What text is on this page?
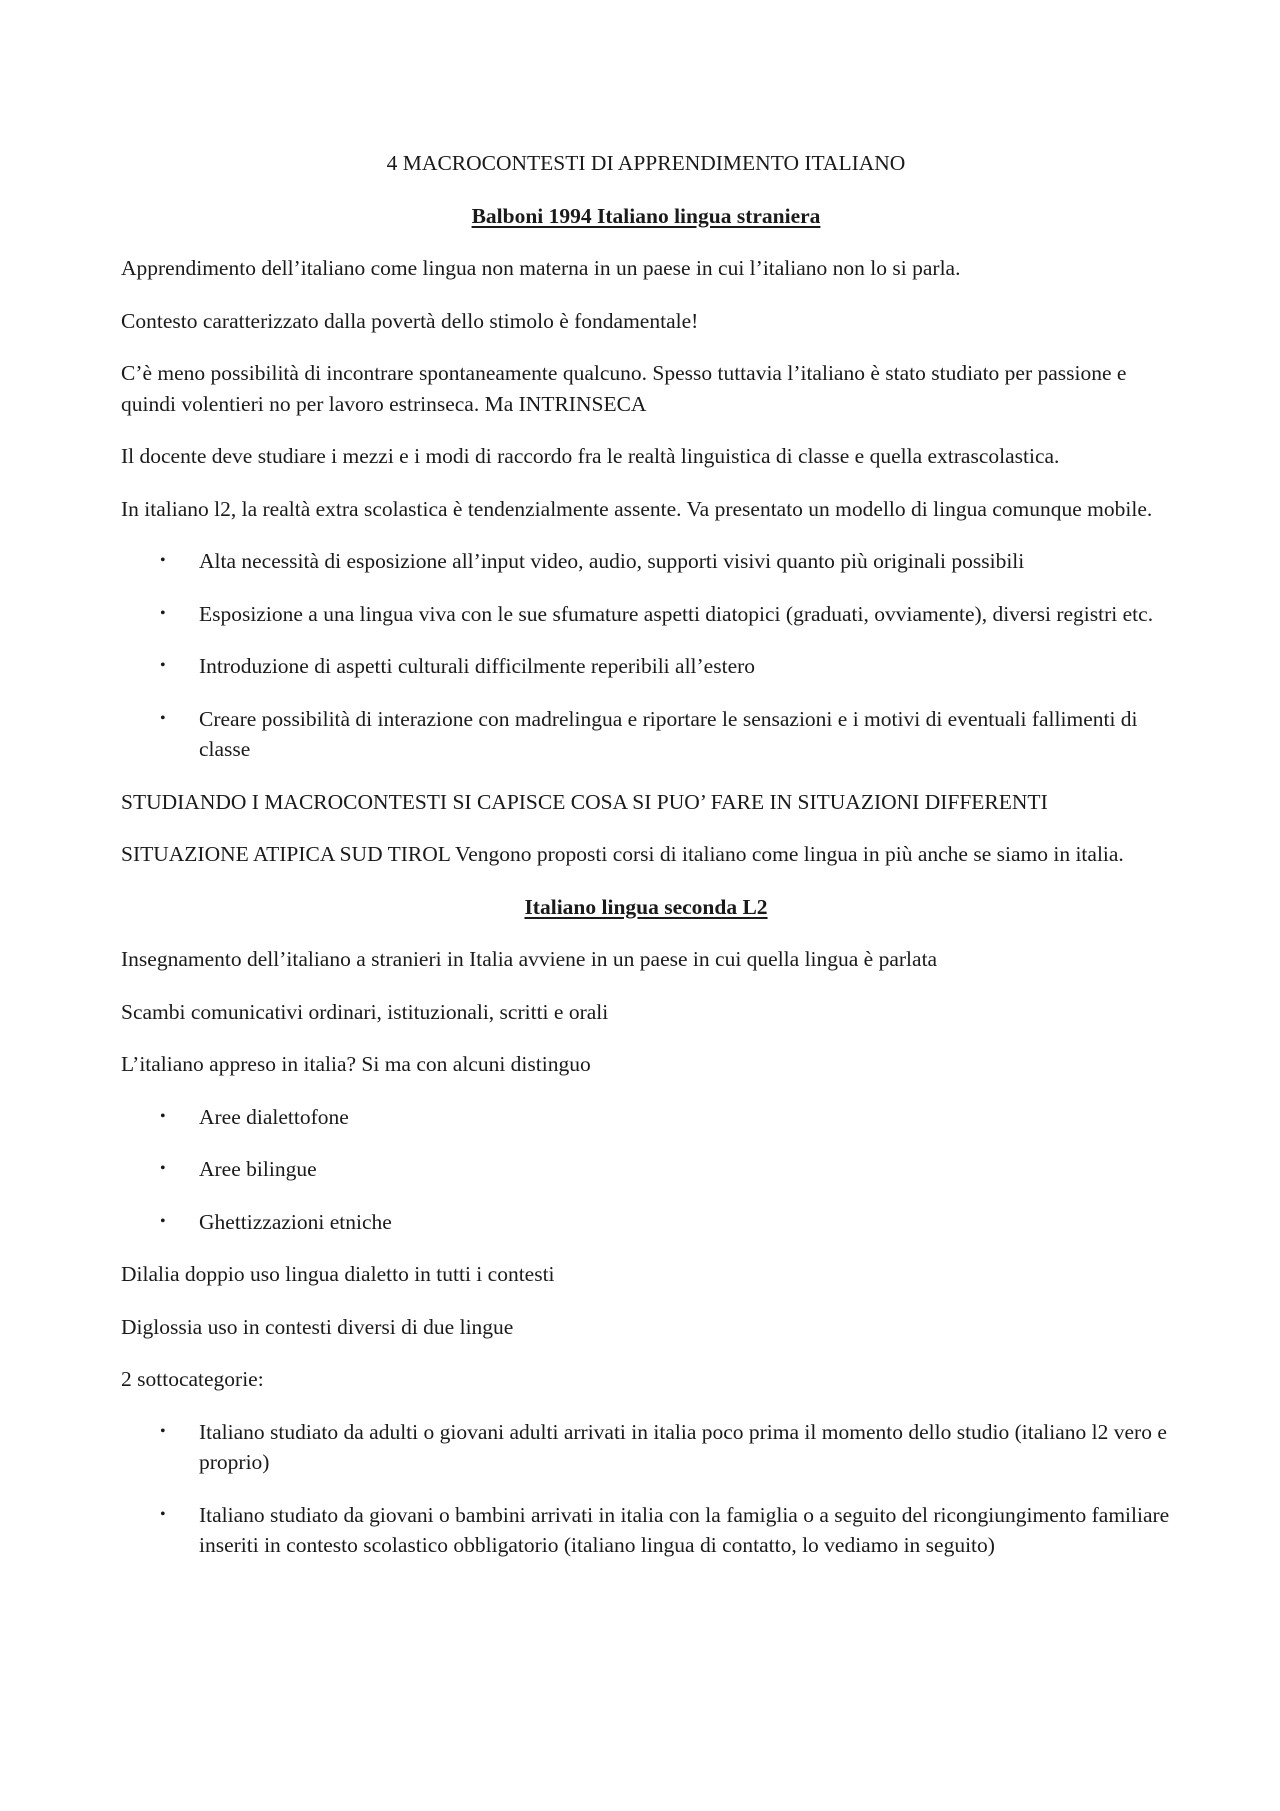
4 MACROCONTESTI DI APPRENDIMENTO ITALIANO
Balboni 1994 Italiano lingua straniera

Apprendimento dell’italiano come lingua non materna in un paese in cui l’italiano non lo si parla.

Contesto caratterizzato dalla povertà dello stimolo è fondamentale!

C’è meno possibilità di incontrare spontaneamente qualcuno. Spesso tuttavia l’italiano è stato studiato per passione e quindi volentieri no per lavoro estrinseca. Ma INTRINSECA

Il docente deve studiare i mezzi e i modi di raccordo fra le realtà linguistica di classe e quella extrascolastica.

In italiano l2, la realtà extra scolastica è tendenzialmente assente. Va presentato un modello di lingua comunque mobile.

• Alta necessità di esposizione all’input video, audio, supporti visivi quanto più originali possibili
• Esposizione a una lingua viva con le sue sfumature aspetti diatopici (graduati, ovviamente), diversi registri etc.
• Introduzione di aspetti culturali difficilmente reperibili all’estero
• Creare possibilità di interazione con madrelingua e riportare le sensazioni e i motivi di eventuali fallimenti di classe

STUDIANDO I MACROCONTESTI SI CAPISCE COSA SI PUO’ FARE IN SITUAZIONI DIFFERENTI

SITUAZIONE ATIPICA SUD TIROL Vengono proposti corsi di italiano come lingua in più anche se siamo in italia.

Italiano lingua seconda L2

Insegnamento dell’italiano a stranieri in Italia avviene in un paese in cui quella lingua è parlata

Scambi comunicativi ordinari, istituzionali, scritti e orali

L’italiano appreso in italia? Si ma con alcuni distinguo

• Aree dialettofone
• Aree bilingue
• Ghettizzazioni etniche

Dilalia doppio uso lingua dialetto in tutti i contesti

Diglossia uso in contesti diversi di due lingue

2 sottocategorie:

• Italiano studiato da adulti o giovani adulti arrivati in italia poco prima il momento dello studio (italiano l2 vero e proprio)
• Italiano studiato da giovani o bambini arrivati in italia con la famiglia o a seguito del ricongiungimento familiare inseriti in contesto scolastico obbligatorio (italiano lingua di contatto, lo vediamo in seguito)
